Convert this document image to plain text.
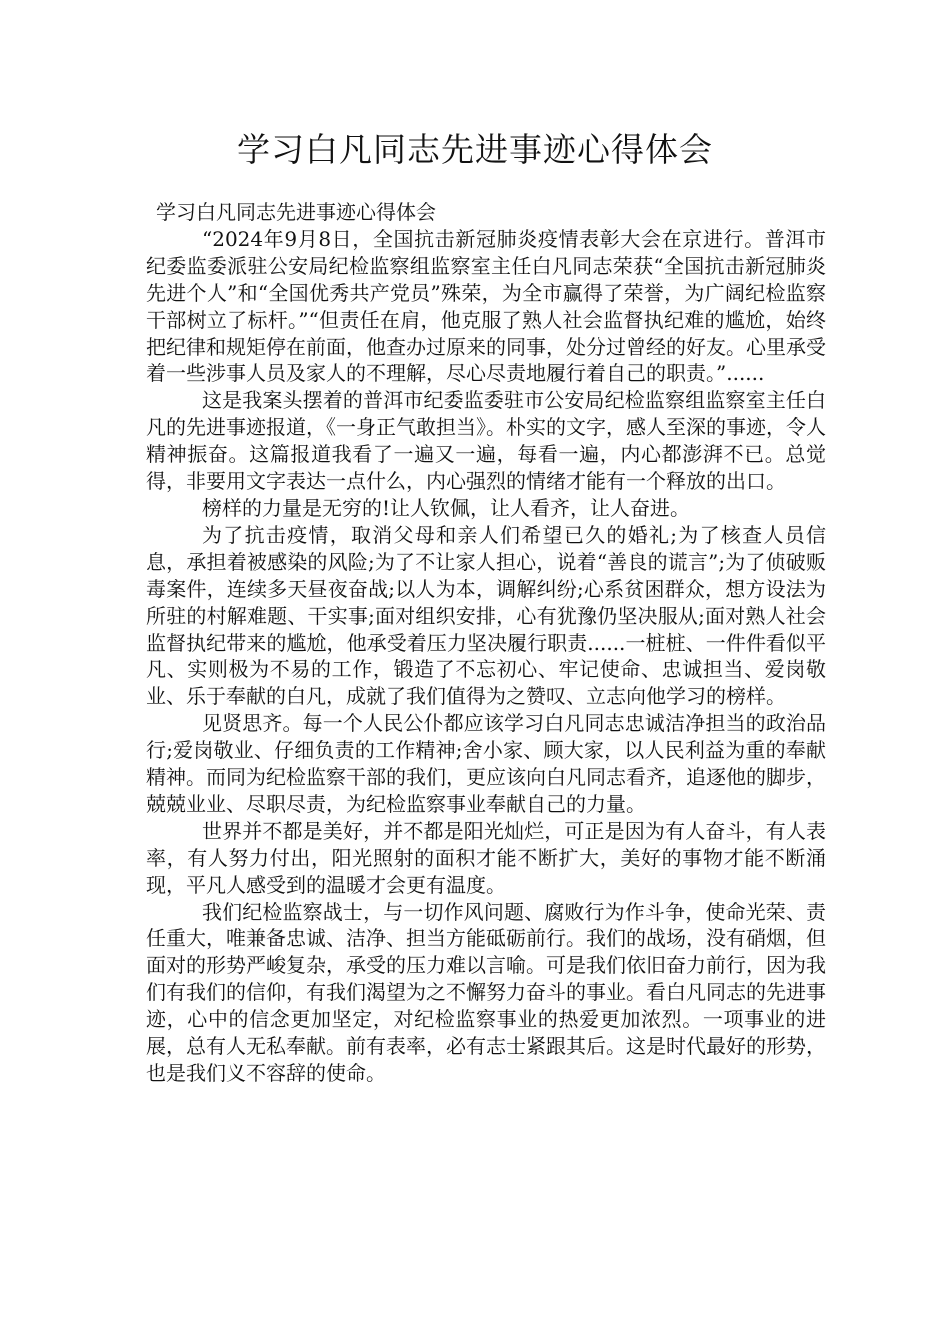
学习白凡同志先进事迹心得体会

学习白凡同志先进事迹心得体会

“2024年9月8日，全国抗击新冠肺炎疫情表彰大会在京进行。普洱市纪委监委派驻公安局纪检监察组监察室主任白凡同志荣获“全国抗击新冠肺炎先进个人”和“全国优秀共产党员”殊荣，为全市赢得了荣誉，为广阔纪检监察干部树立了标杆。”“但责任在肩，他克服了熟人社会监督执纪难的尴尬，始终把纪律和规矩停在前面，他查办过原来的同事，处分过曾经的好友。心里承受着一些涉事人员及家人的不理解，尽心尽责地履行着自己的职责。”......

这是我案头摆着的普洱市纪委监委驻市公安局纪检监察组监察室主任白凡的先进事迹报道，《一身正气敢担当》。朴实的文字，感人至深的事迹，令人精神振奋。这篇报道我看了一遍又一遍，每看一遍，内心都澎湃不已。总觉得，非要用文字表达一点什么，内心强烈的情绪才能有一个释放的出口。

榜样的力量是无穷的!让人钦佩，让人看齐，让人奋进。

为了抗击疫情，取消父母和亲人们希望已久的婚礼;为了核查人员信息，承担着被感染的风险;为了不让家人担心，说着“善良的谎言”;为了侦破贩毒案件，连续多天昼夜奋战;以人为本，调解纠纷;心系贫困群众，想方设法为所驻的村解难题、干实事;面对组织安排，心有犹豫仍坚决服从;面对熟人社会监督执纪带来的尴尬，他承受着压力坚决履行职责......一桩桩、一件件看似平凡、实则极为不易的工作，锻造了不忘初心、牢记使命、忠诚担当、爱岗敬业、乐于奉献的白凡，成就了我们值得为之赞叹、立志向他学习的榜样。

见贤思齐。每一个人民公仆都应该学习白凡同志忠诚洁净担当的政治品行;爱岗敬业、仔细负责的工作精神;舍小家、顾大家，以人民利益为重的奉献精神。而同为纪检监察干部的我们，更应该向白凡同志看齐，追逐他的脚步，兢兢业业、尽职尽责，为纪检监察事业奉献自己的力量。

世界并不都是美好，并不都是阳光灿烂，可正是因为有人奋斗，有人表率，有人努力付出，阳光照射的面积才能不断扩大，美好的事物才能不断涌现，平凡人感受到的温暖才会更有温度。

我们纪检监察战士，与一切作风问题、腐败行为作斗争，使命光荣、责任重大，唯兼备忠诚、洁净、担当方能砥砺前行。我们的战场，没有硝烟，但面对的形势严峻复杂，承受的压力难以言喻。可是我们依旧奋力前行，因为我们有我们的信仰，有我们渴望为之不懈努力奋斗的事业。看白凡同志的先进事迹，心中的信念更加坚定，对纪检监察事业的热爱更加浓烈。一项事业的进展，总有人无私奉献。前有表率，必有志士紧跟其后。这是时代最好的形势，也是我们义不容辞的使命。
